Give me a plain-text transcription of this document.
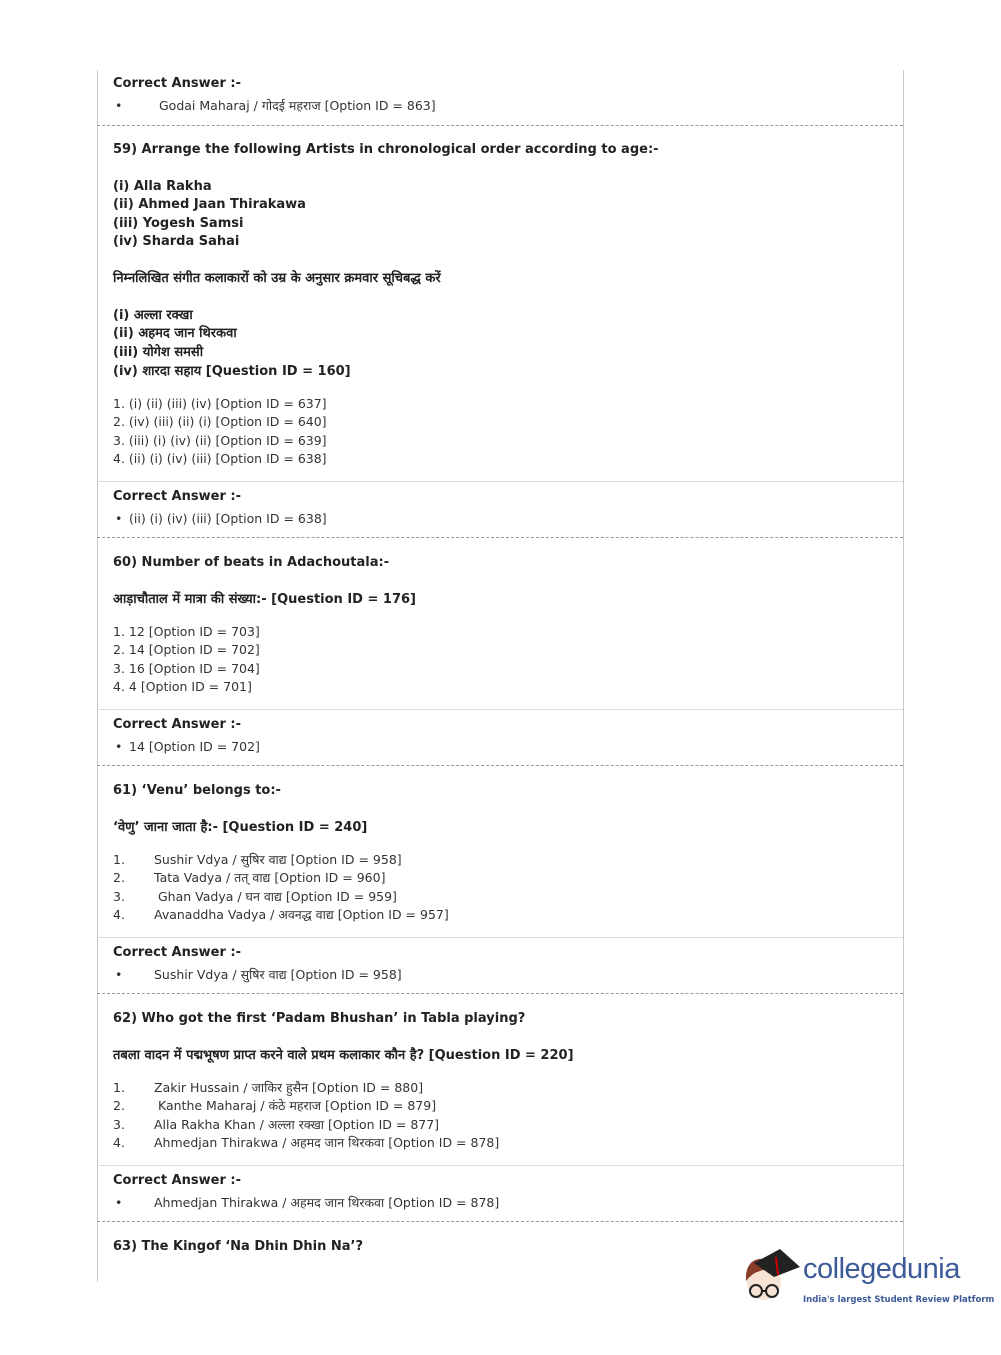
Correct Answer :-
•	Godai Maharaj / गोदई महराज [Option ID = 863]
59) Arrange the following Artists in chronological order according to age:-
(i) Alla Rakha
(ii) Ahmed Jaan Thirakawa
(iii) Yogesh Samsi
(iv) Sharda Sahai
निम्नलिखित संगीत कलाकारों को उम्र के अनुसार क्रमवार सूचिबद्ध करें
(i) अल्ला रक्खा
(ii) अहमद जान थिरकवा
(iii) योगेश समसी
(iv) शारदा सहाय [Question ID = 160]
1. (i) (ii) (iii) (iv) [Option ID = 637]
2. (iv) (iii) (ii) (i) [Option ID = 640]
3. (iii) (i) (iv) (ii) [Option ID = 639]
4. (ii) (i) (iv) (iii) [Option ID = 638]
Correct Answer :-
• (ii) (i) (iv) (iii) [Option ID = 638]
60) Number of beats in Adachoutala:-
आड़ाचौताल में मात्रा की संख्या:- [Question ID = 176]
1. 12 [Option ID = 703]
2. 14 [Option ID = 702]
3. 16 [Option ID = 704]
4. 4 [Option ID = 701]
Correct Answer :-
• 14 [Option ID = 702]
61) ‘Venu’ belongs to:-
‘वेणु’ जाना जाता है:- [Question ID = 240]
1. Sushir Vdya / सुषिर वाद्य [Option ID = 958]
2. Tata Vadya / तत् वाद्य [Option ID = 960]
3.	Ghan Vadya / घन वाद्य [Option ID = 959]
4. Avanaddha Vadya / अवनद्ध वाद्य [Option ID = 957]
Correct Answer :-
•	Sushir Vdya / सुषिर वाद्य [Option ID = 958]
62) Who got the first ‘Padam Bhushan’ in Tabla playing?
तबला वादन में पद्मभूषण प्राप्त करने वाले प्रथम कलाकार कौन है? [Question ID = 220]
1. Zakir Hussain / जाकिर हुसैन [Option ID = 880]
2.	Kanthe Maharaj / कंठे महराज [Option ID = 879]
3. Alla Rakha Khan / अल्ला रक्खा [Option ID = 877]
4. Ahmedjan Thirakwa / अहमद जान थिरकवा [Option ID = 878]
Correct Answer :-
•	Ahmedjan Thirakwa / अहमद जान थिरकवा [Option ID = 878]
63) The Kingof ‘Na Dhin Dhin Na’?
collegedunia
India's largest Student Review Platform
